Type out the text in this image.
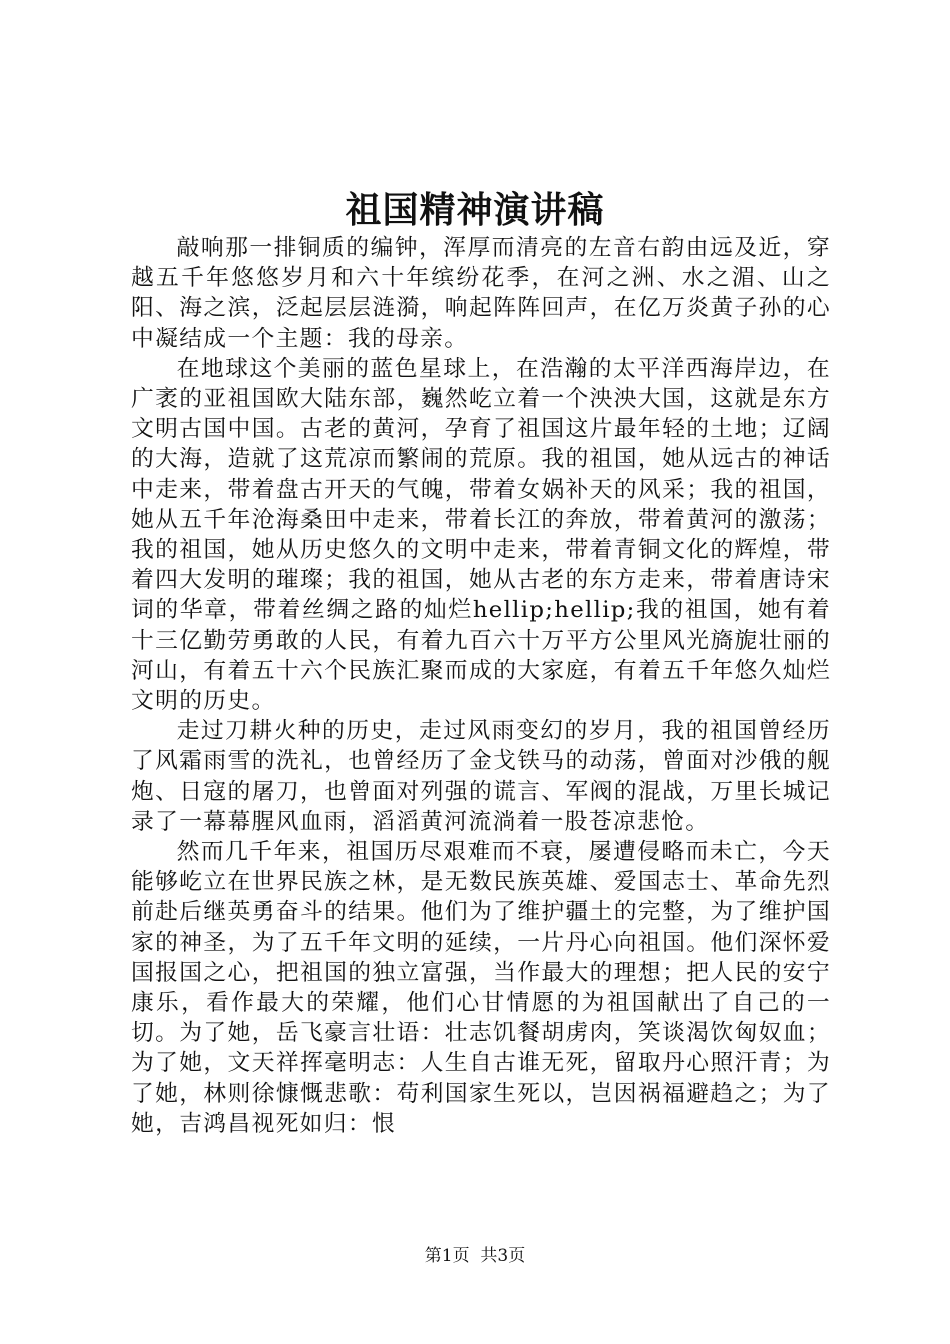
祖国精神演讲稿

敲响那一排铜质的编钟，浑厚而清亮的左音右韵由远及近，穿越五千年悠悠岁月和六十年缤纷花季，在河之洲、水之湄、山之阳、海之滨，泛起层层涟漪，响起阵阵回声，在亿万炎黄子孙的心中凝结成一个主题：我的母亲。

在地球这个美丽的蓝色星球上，在浩瀚的太平洋西海岸边，在广袤的亚祖国欧大陆东部，巍然屹立着一个泱泱大国，这就是东方文明古国中国。古老的黄河，孕育了祖国这片最年轻的土地；辽阔的大海，造就了这荒凉而繁闹的荒原。我的祖国，她从远古的神话中走来，带着盘古开天的气魄，带着女娲补天的风采；我的祖国，她从五千年沧海桑田中走来，带着长江的奔放，带着黄河的激荡；我的祖国，她从历史悠久的文明中走来，带着青铜文化的辉煌，带着四大发明的璀璨；我的祖国，她从古老的东方走来，带着唐诗宋词的华章，带着丝绸之路的灿烂hellip;hellip;我的祖国，她有着十三亿勤劳勇敢的人民，有着九百六十万平方公里风光旖旎壮丽的河山，有着五十六个民族汇聚而成的大家庭，有着五千年悠久灿烂文明的历史。

走过刀耕火种的历史，走过风雨变幻的岁月，我的祖国曾经历了风霜雨雪的洗礼，也曾经历了金戈铁马的动荡，曾面对沙俄的舰炮、日寇的屠刀，也曾面对列强的谎言、军阀的混战，万里长城记录了一幕幕腥风血雨，滔滔黄河流淌着一股苍凉悲怆。

然而几千年来，祖国历尽艰难而不衰，屡遭侵略而未亡，今天能够屹立在世界民族之林，是无数民族英雄、爱国志士、革命先烈前赴后继英勇奋斗的结果。他们为了维护疆土的完整，为了维护国家的神圣，为了五千年文明的延续，一片丹心向祖国。他们深怀爱国报国之心，把祖国的独立富强，当作最大的理想；把人民的安宁康乐，看作最大的荣耀，他们心甘情愿的为祖国献出了自己的一切。为了她，岳飞豪言壮语：壮志饥餐胡虏肉，笑谈渴饮匈奴血；为了她，文天祥挥毫明志：人生自古谁无死，留取丹心照汗青；为了她，林则徐慷慨悲歌：苟利国家生死以，岂因祸福避趋之；为了她，吉鸿昌视死如归：恨

第1页 共3页
